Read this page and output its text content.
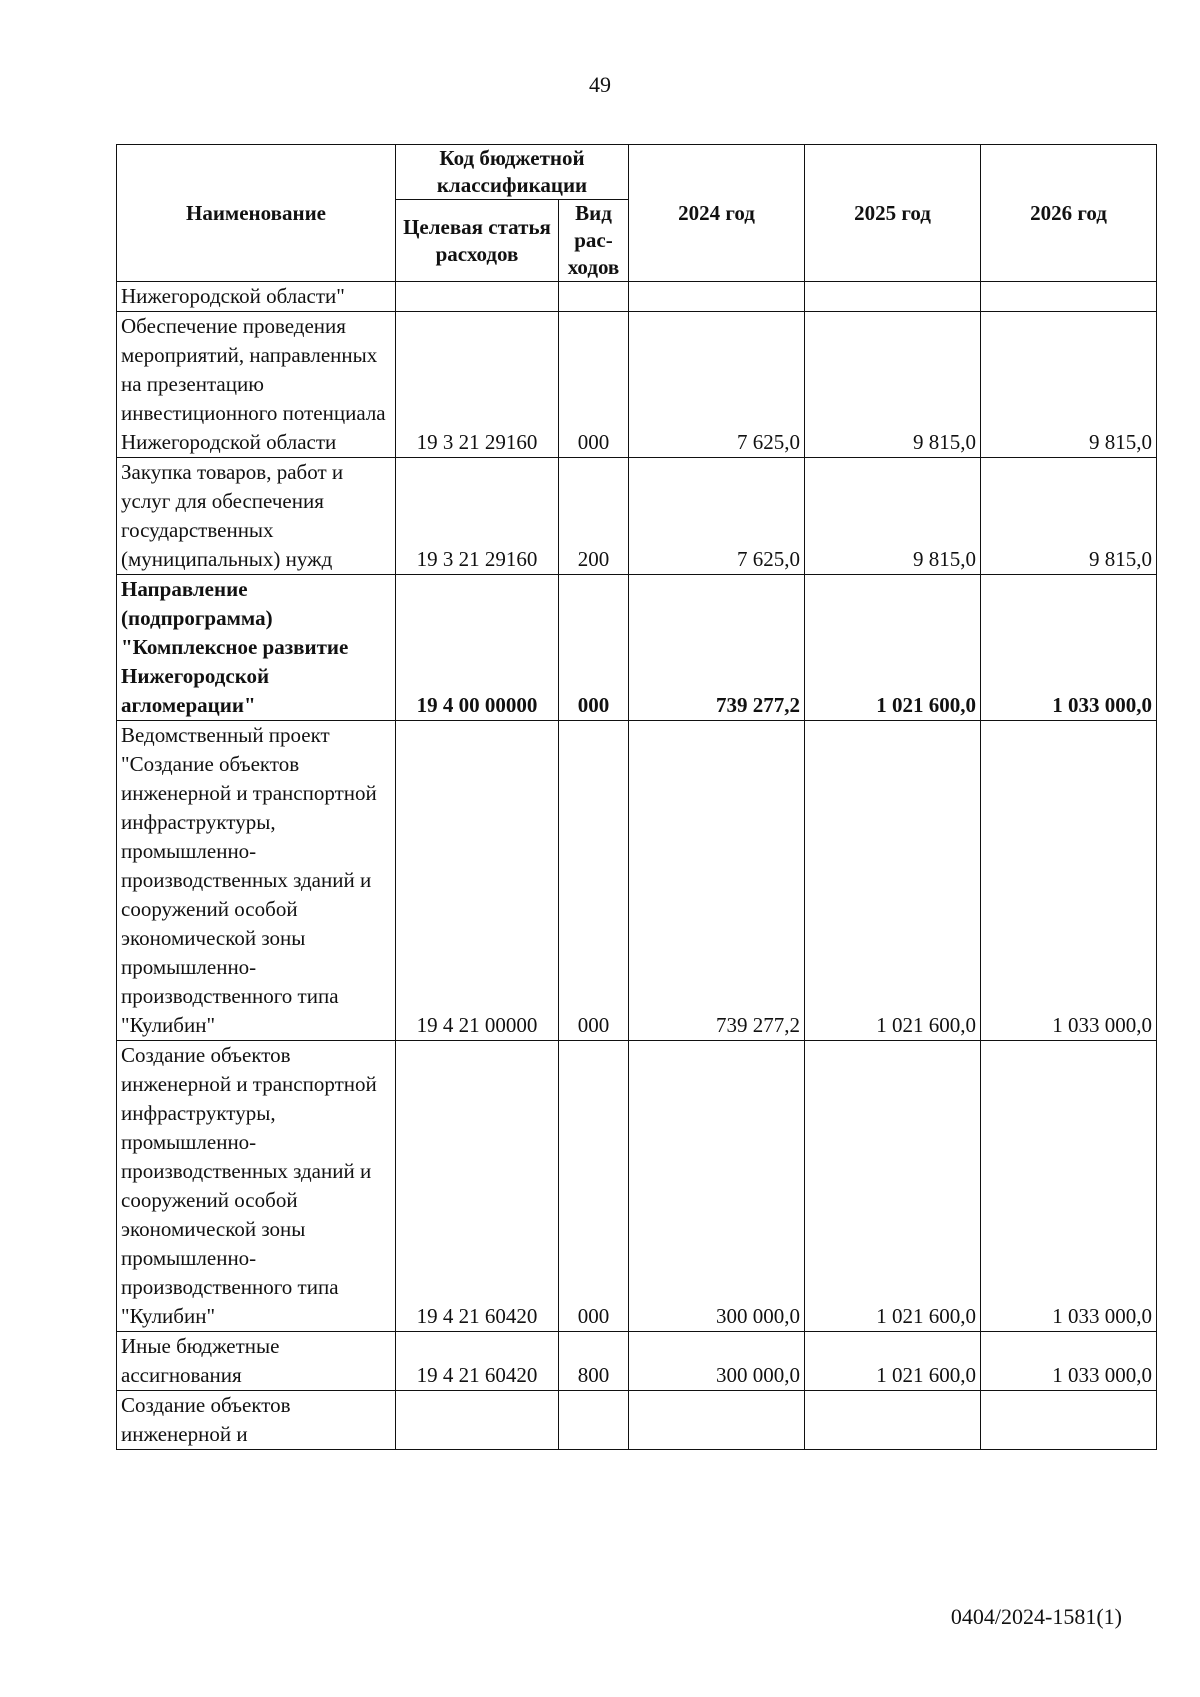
49
Наименование	Код бюджетной классификации		2024 год	2025 год	2026 год
	Целевая статья расходов	Вид рас-ходов			
Нижегородской области"					
Обеспечение проведения мероприятий, направленных на презентацию инвестиционного потенциала Нижегородской области	19 3 21 29160	000	7 625,0	9 815,0	9 815,0
Закупка товаров, работ и услуг для обеспечения государственных (муниципальных) нужд	19 3 21 29160	200	7 625,0	9 815,0	9 815,0
Направление (подпрограмма) "Комплексное развитие Нижегородской агломерации"	19 4 00 00000	000	739 277,2	1 021 600,0	1 033 000,0
Ведомственный проект "Создание объектов инженерной и транспортной инфраструктуры, промышленно-производственных зданий и сооружений особой экономической зоны промышленно-производственного типа "Кулибин"	19 4 21 00000	000	739 277,2	1 021 600,0	1 033 000,0
Создание объектов инженерной и транспортной инфраструктуры, промышленно-производственных зданий и сооружений особой экономической зоны промышленно-производственного типа "Кулибин"	19 4 21 60420	000	300 000,0	1 021 600,0	1 033 000,0
Иные бюджетные ассигнования	19 4 21 60420	800	300 000,0	1 021 600,0	1 033 000,0
Создание объектов инженерной и					
0404/2024-1581(1)
